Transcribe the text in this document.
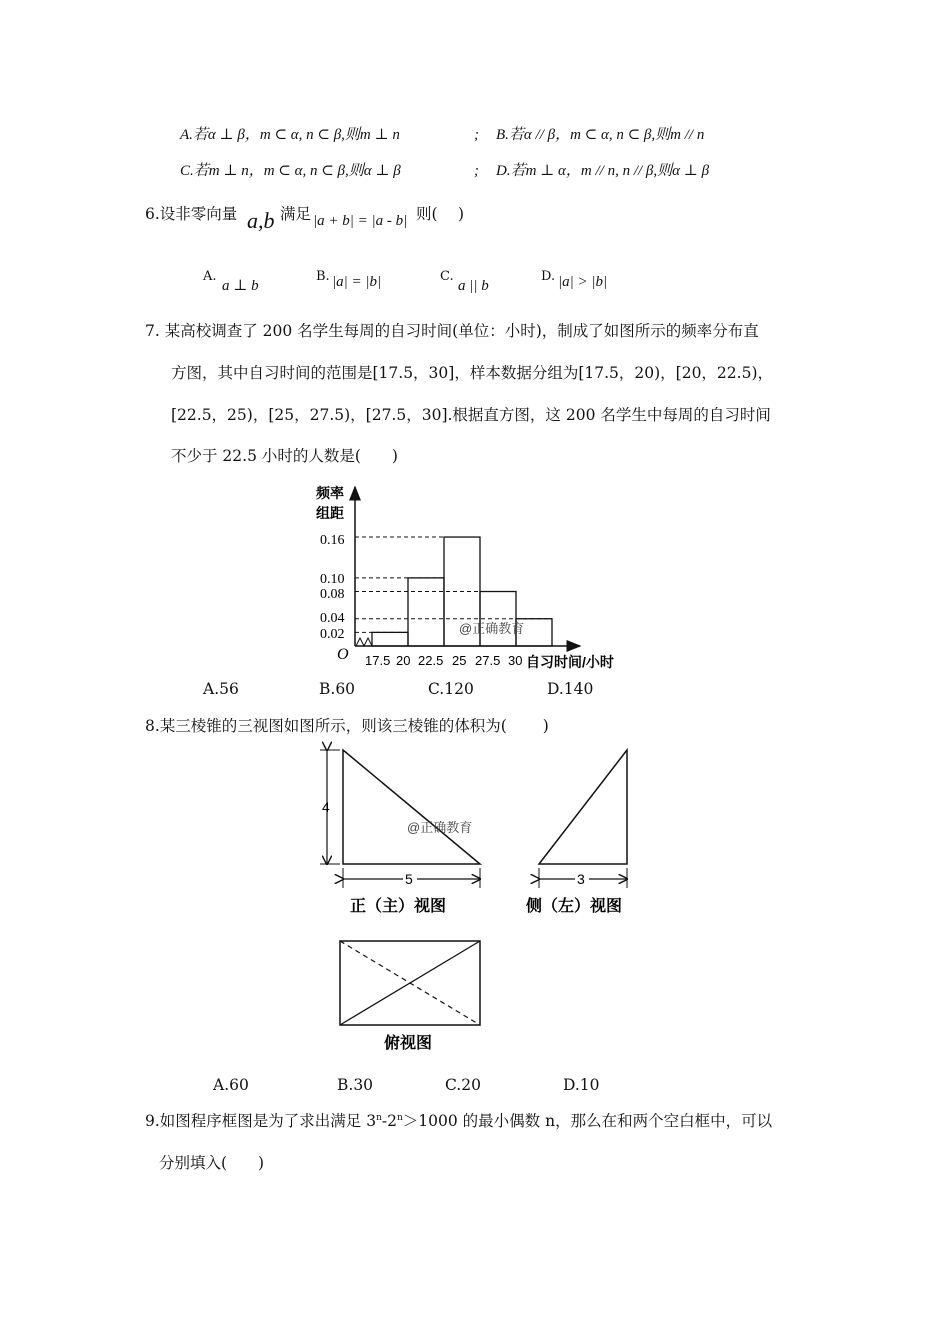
A.若α ⊥ β，m ⊂ α, n ⊂ β,则m ⊥ n	; B.若α // β，m ⊂ α, n ⊂ β,则m // n
C.若m ⊥ n，m ⊂ α, n ⊂ β,则α ⊥ β	; D.若m ⊥ α，m // n, n // β,则α ⊥ β
6.设非零向量 a,b 满足 |a + b| = |a - b| 则(　 )
A.
a ⊥ b
B. |a| = |b|	C.
a || b
D. |a| > |b|
7. 某高校调查了 200 名学生每周的自习时间(单位：小时)，制成了如图所示的频率分布直
方图，其中自习时间的范围是[17.5，30]，样本数据分组为[17.5，20)，[20，22.5)，
[22.5，25)，[25，27.5)，[27.5，30].根据直方图，这 200 名学生中每周的自习时间
不少于 22.5 小时的人数是(　　)
频率
组距
0.16
0.10
0.08
0.04
0.02
O 17.5 20 22.5 25 27.5 30 自习时间/小时
@正确教育
A.56	B.60	C.120	D.140
8.某三棱锥的三视图如图所示，则该三棱锥的体积为(　　 )
4
5
@正确教育
正（主）视图
3
侧（左）视图
俯视图
A.60	B.30	C.20	D.10
9.如图程序框图是为了求出满足 $3^n-2^n>1000$ 的最小偶数 n，那么在和两个空白框中，可以
分别填入(　　)
